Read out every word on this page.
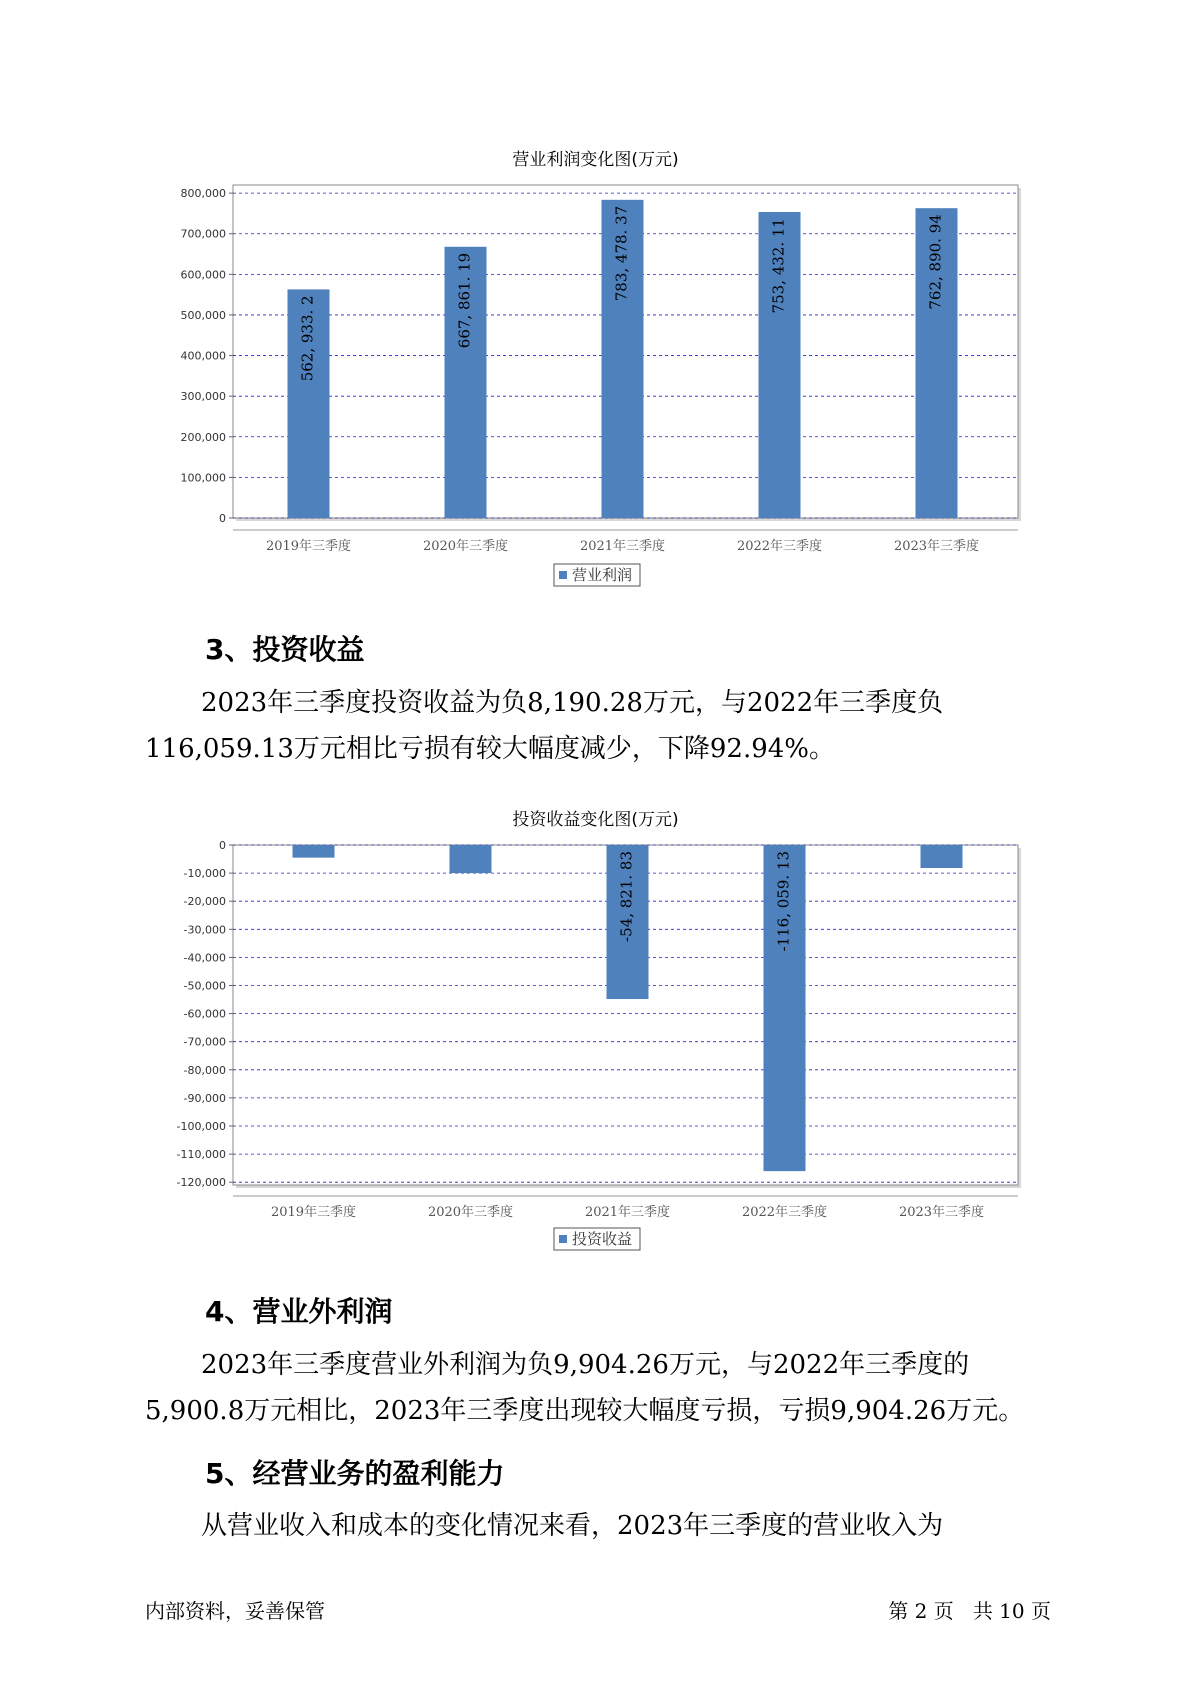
营业利润变化图(万元)
0
100,000
200,000
300,000
400,000
500,000
600,000
700,000
800,000
562, 933. 2
2019年三季度
667, 861. 19
2020年三季度
783, 478. 37
2021年三季度
753, 432. 11
2022年三季度
762, 890. 94
2023年三季度
营业利润
3、投资收益
2023年三季度投资收益为负8,190.28万元，与2022年三季度负
116,059.13万元相比亏损有较大幅度减少，下降92.94%。
投资收益变化图(万元)
0
-10,000
-20,000
-30,000
-40,000
-50,000
-60,000
-70,000
-80,000
-90,000
-100,000
-110,000
-120,000
2019年三季度	2020年三季度
-54, 821. 83
2021年三季度
-116, 059. 13
2022年三季度	2023年三季度
投资收益
4、营业外利润
2023年三季度营业外利润为负9,904.26万元，与2022年三季度的
5,900.8万元相比，2023年三季度出现较大幅度亏损，亏损9,904.26万元。
5、经营业务的盈利能力
从营业收入和成本的变化情况来看，2023年三季度的营业收入为
内部资料，妥善保管	第 2 页   共 10 页
